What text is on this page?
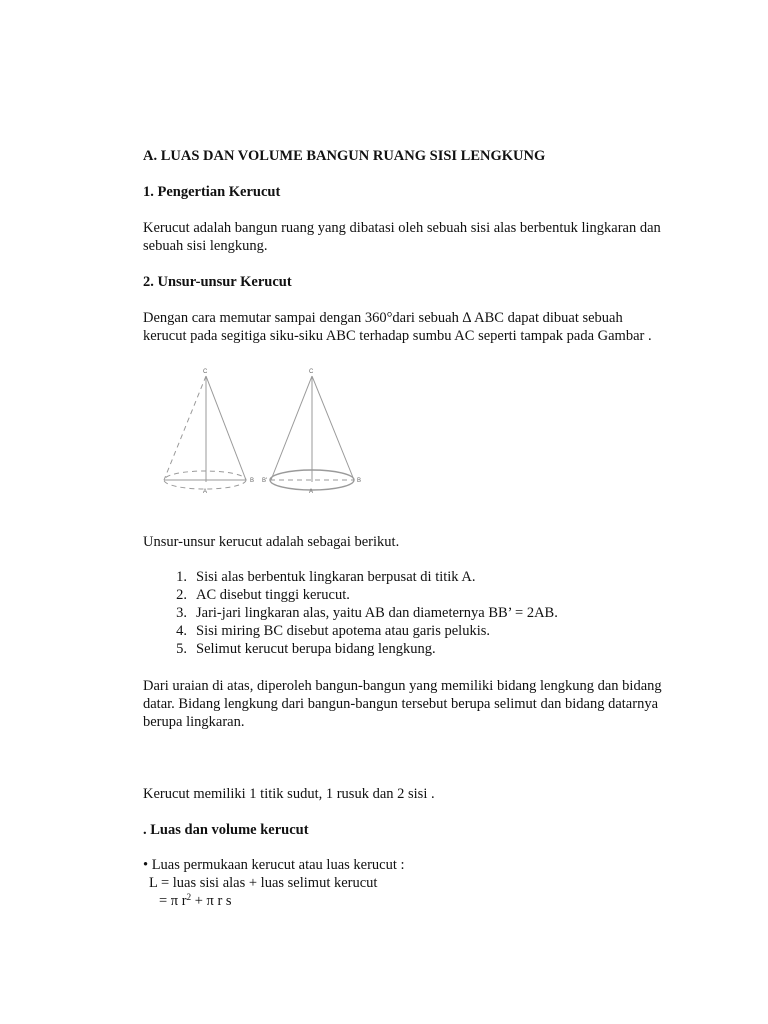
A. LUAS DAN VOLUME BANGUN RUANG SISI LENGKUNG

1. Pengertian Kerucut

Kerucut adalah bangun ruang yang dibatasi oleh sebuah sisi alas berbentuk lingkaran dan sebuah sisi lengkung.

2. Unsur-unsur Kerucut

Dengan cara memutar sampai dengan 360°dari sebuah ∆ ABC dapat dibuat sebuah kerucut pada segitiga siku-siku ABC terhadap sumbu AC seperti tampak pada Gambar .

C
A
B
C
A
B'	B

Unsur-unsur kerucut adalah sebagai berikut.

1. Sisi alas berbentuk lingkaran berpusat di titik A.
2. AC disebut tinggi kerucut.
3. Jari-jari lingkaran alas, yaitu AB dan diameternya BB’ = 2AB.
4. Sisi miring BC disebut apotema atau garis pelukis.
5. Selimut kerucut berupa bidang lengkung.

Dari uraian di atas, diperoleh bangun-bangun yang memiliki bidang lengkung dan bidang datar. Bidang lengkung dari bangun-bangun tersebut berupa selimut dan bidang datarnya berupa lingkaran.

Kerucut memiliki 1 titik sudut, 1 rusuk dan 2 sisi .

. Luas dan volume kerucut

• Luas permukaan kerucut atau luas kerucut :
L = luas sisi alas + luas selimut kerucut
= π $r^2 + \pi$ r s
